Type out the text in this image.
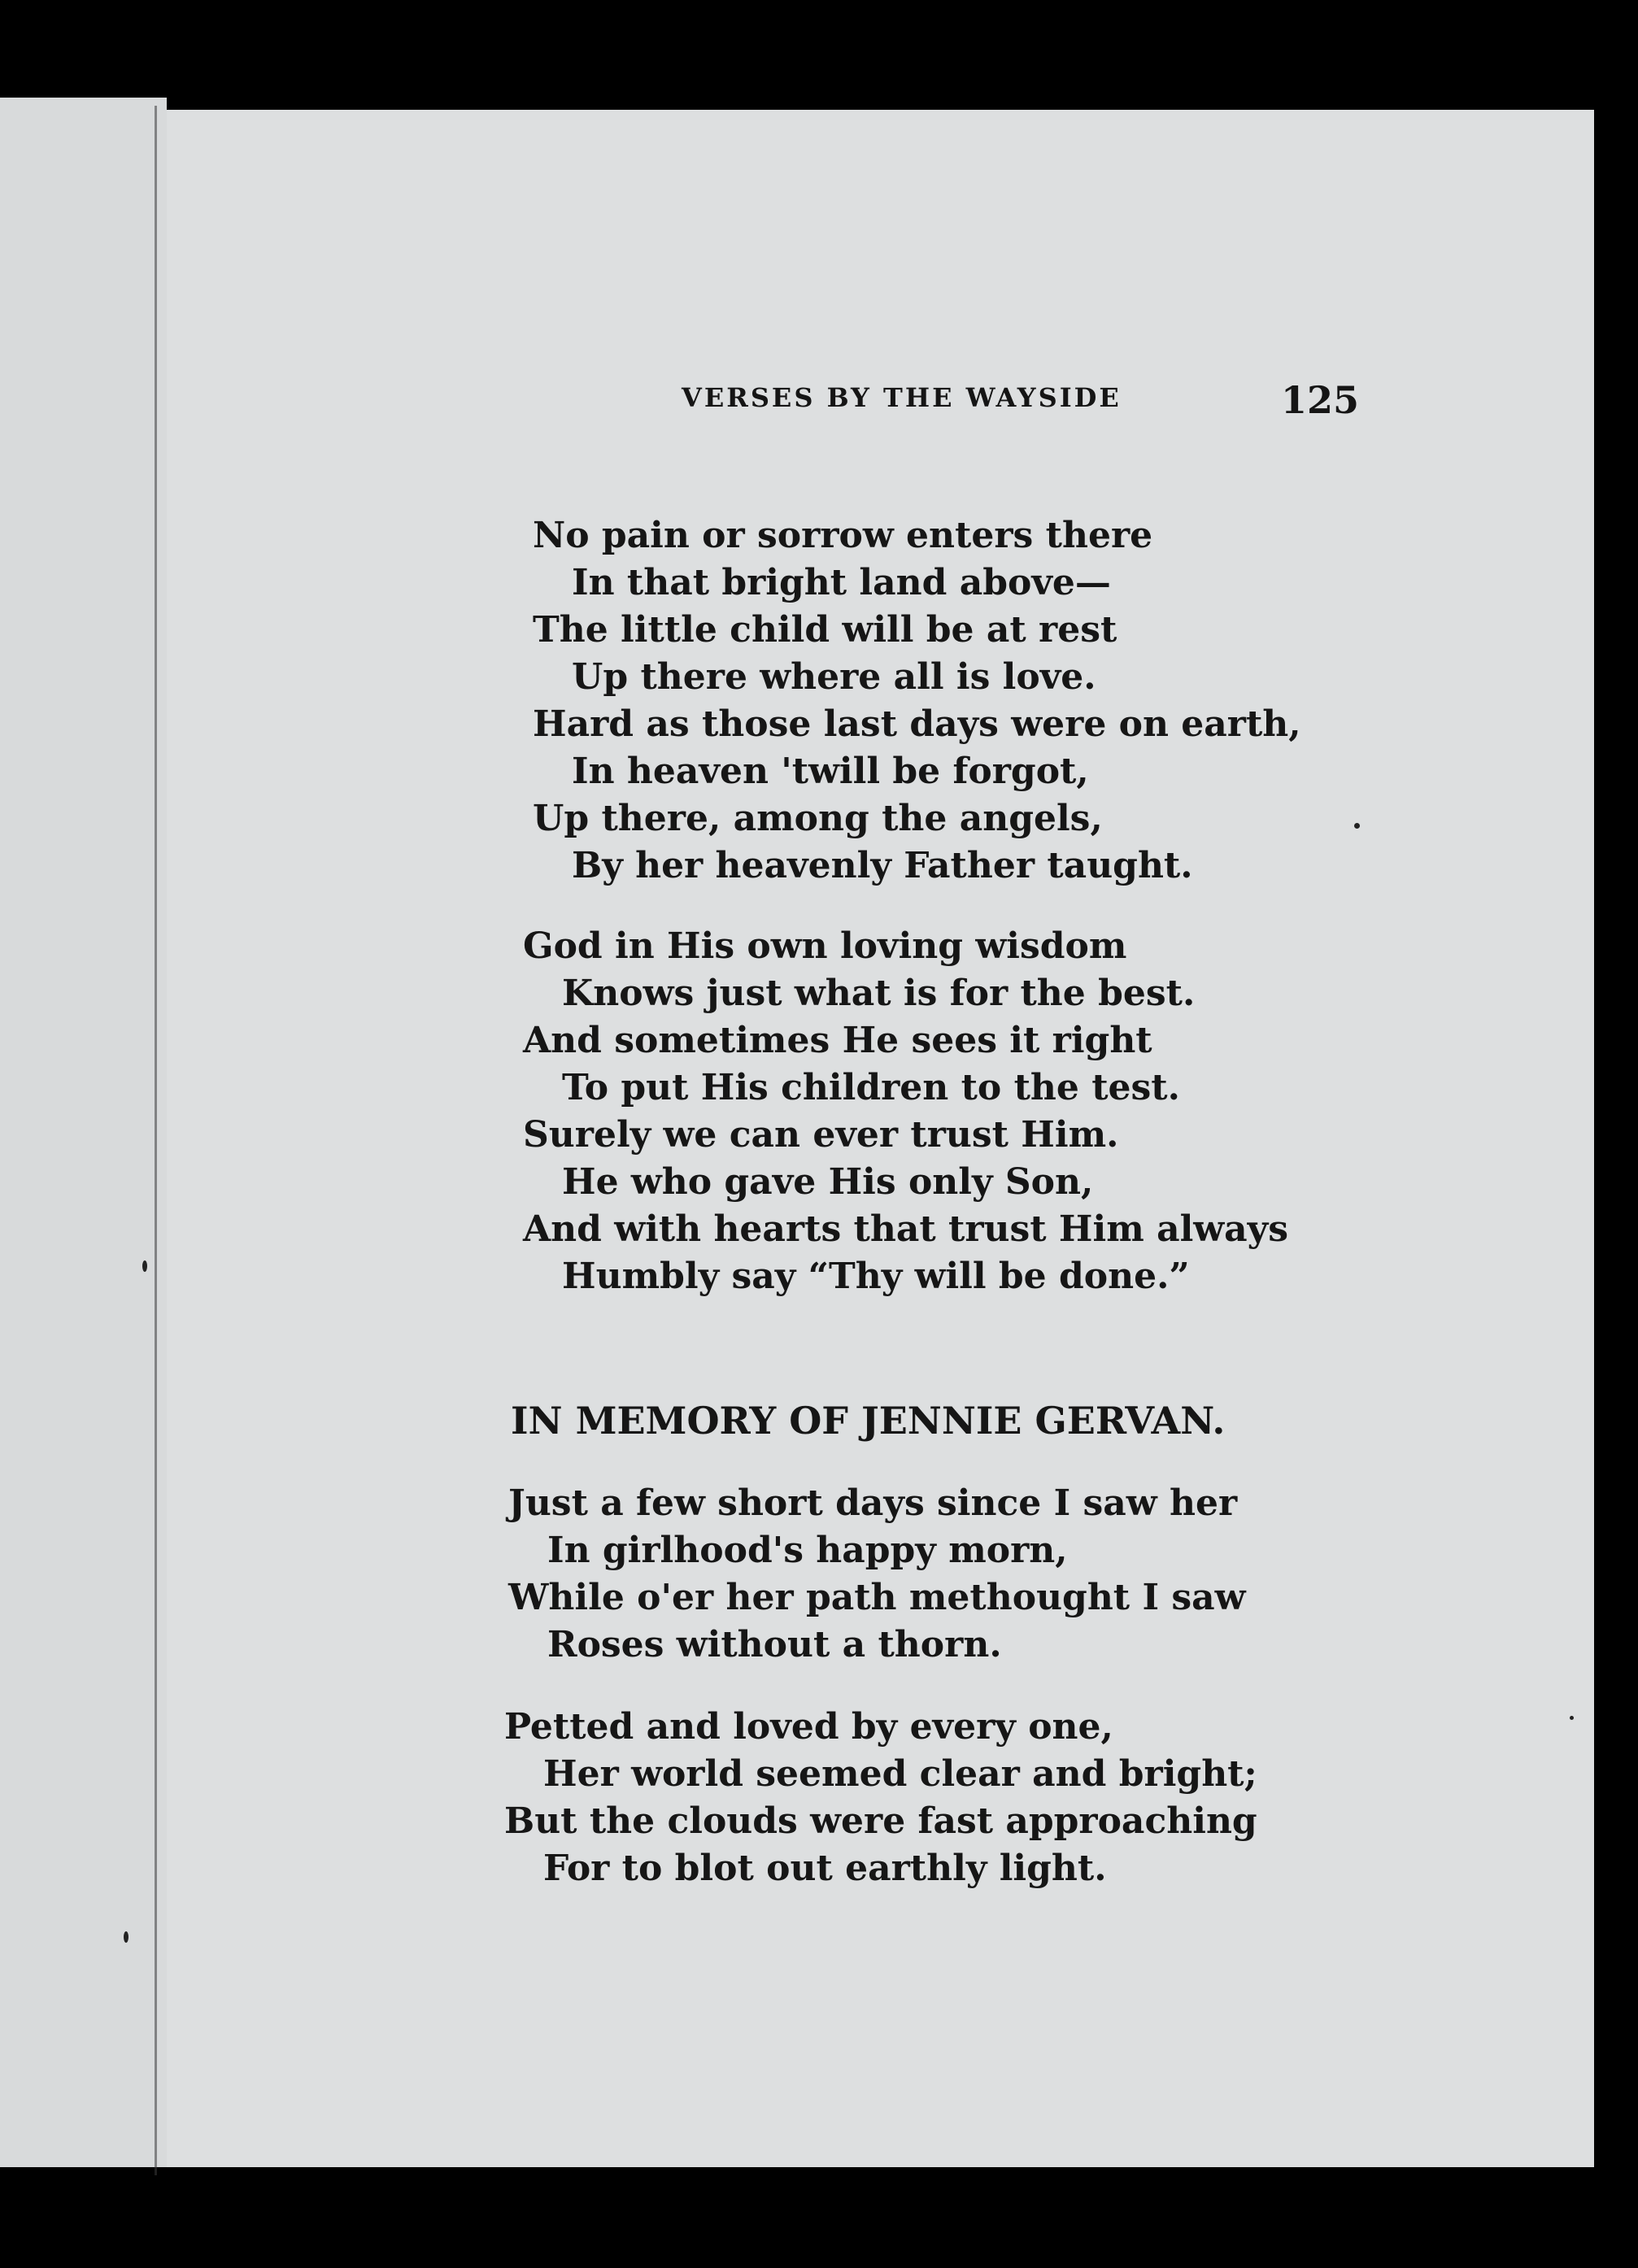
VERSES BY THE WAYSIDE	125
No pain or sorrow enters there
In that bright land above—
The little child will be at rest
Up there where all is love.
Hard as those last days were on earth,
In heaven 'twill be forgot,
Up there, among the angels,
By her heavenly Father taught.
God in His own loving wisdom
Knows just what is for the best.
And sometimes He sees it right
To put His children to the test.
Surely we can ever trust Him.
He who gave His only Son,
And with hearts that trust Him always
Humbly say “Thy will be done.”
IN MEMORY OF JENNIE GERVAN.
Just a few short days since I saw her
In girlhood's happy morn,
While o'er her path methought I saw
Roses without a thorn.
Petted and loved by every one,
Her world seemed clear and bright;
But the clouds were fast approaching
For to blot out earthly light.
